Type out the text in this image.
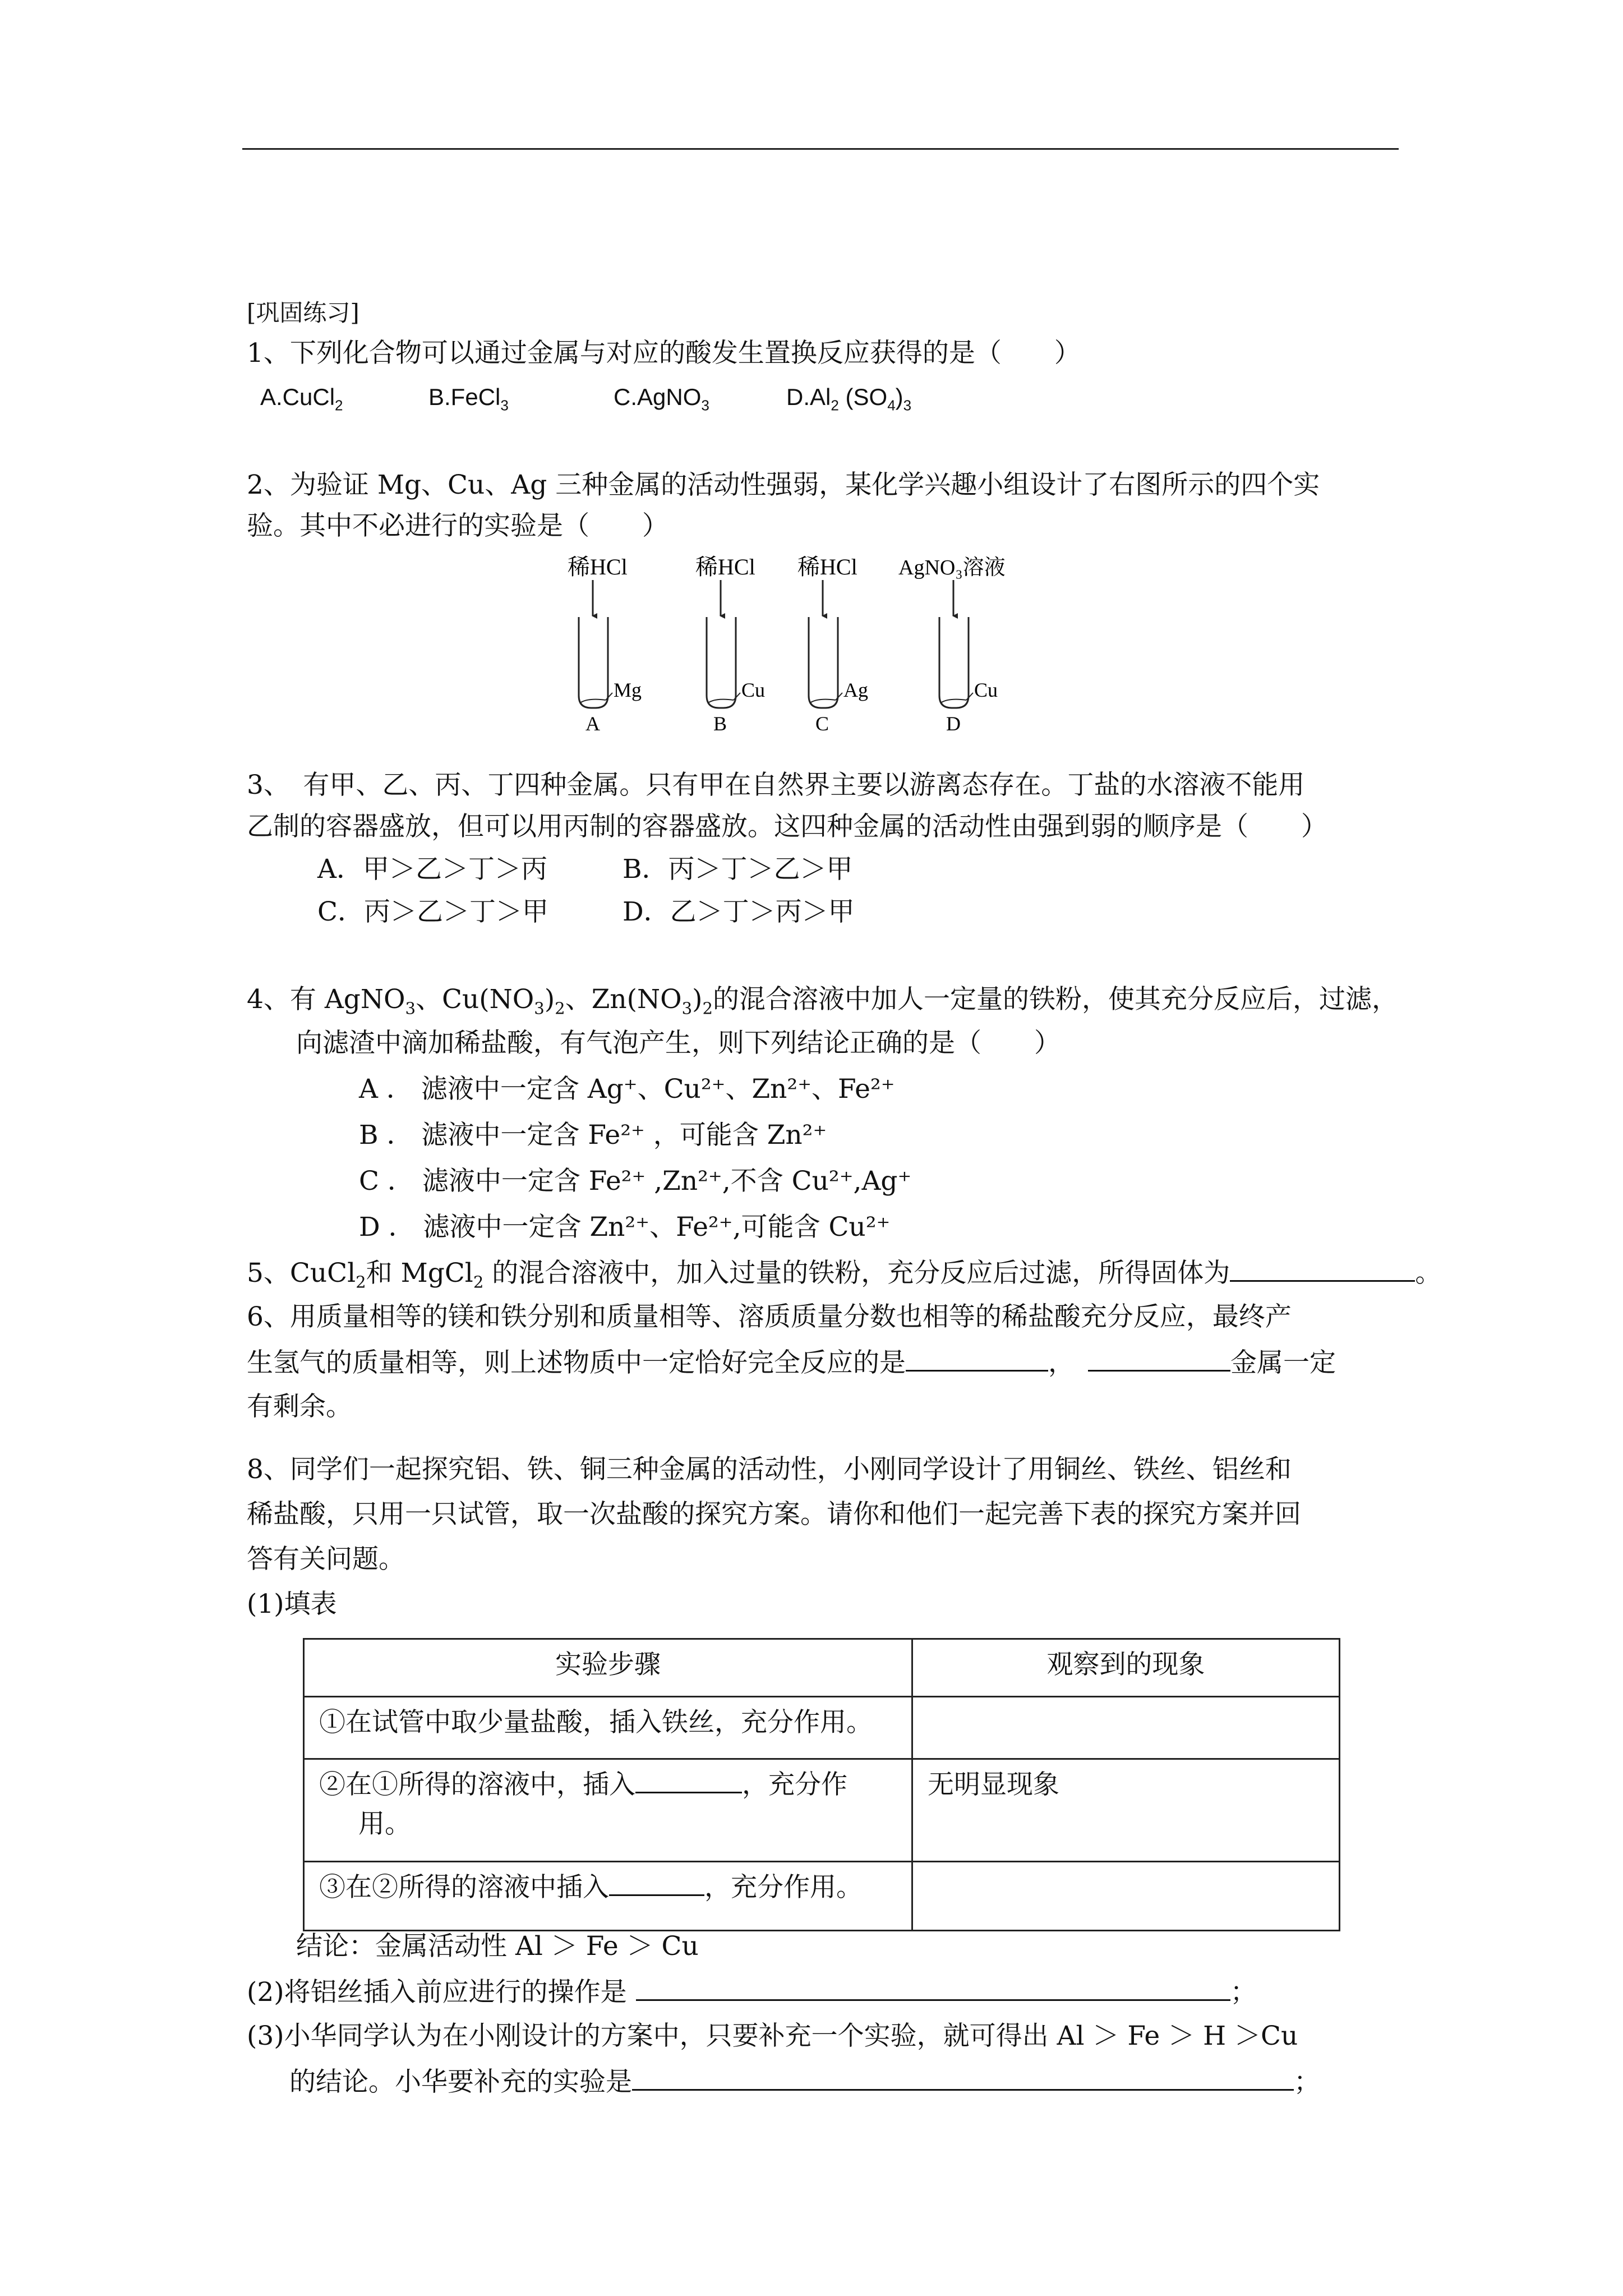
[巩固练习]
1、下列化合物可以通过金属与对应的酸发生置换反应获得的是（　　）
A.CuCl$_2$	B.FeCl$_3$	C.AgNO$_3$	$D.Al_2$ $(SO_4)_3$
2、为验证 Mg、Cu、Ag 三种金属的活动性强弱，某化学兴趣小组设计了右图所示的四个实
验。其中不必进行的实验是（　　）
稀HCl
Mg
A
稀HCl
Cu
B
稀HCl
Ag
C
AgNO₃溶液
Cu
D
3、　有甲、乙、丙、丁四种金属。只有甲在自然界主要以游离态存在。丁盐的水溶液不能用
乙制的容器盛放，但可以用丙制的容器盛放。这四种金属的活动性由强到弱的顺序是（　　）
A．甲＞乙＞丁＞丙	B．丙＞丁＞乙＞甲
C．丙＞乙＞丁＞甲	D．乙＞丁＞丙＞甲
4、有 AgNO$_3$、$Cu(NO_3)_2$、$Zn(NO_3)_2$的混合溶液中加人一定量的铁粉，使其充分反应后，过滤，
向滤渣中滴加稀盐酸，有气泡产生，则下列结论正确的是（　　）
A ． 滤液中一定含 Ag⁺、Cu²⁺、Zn²⁺、Fe²⁺
B ． 滤液中一定含 Fe²⁺ ，可能含 Zn²⁺
C ． 滤液中一定含 Fe²⁺ ,Zn²⁺,不含 Cu²⁺,Ag⁺
D ． 滤液中一定含 Zn²⁺、Fe²⁺,可能含 Cu²⁺
5、CuCl$_2$和 MgCl$_2$ 的混合溶液中，加入过量的铁粉，充分反应后过滤，所得固体为	。
6、用质量相等的镁和铁分别和质量相等、溶质质量分数也相等的稀盐酸充分反应，最终产
生氢气的质量相等，则上述物质中一定恰好完全反应的是	，	金属一定
有剩余。
8、同学们一起探究铝、铁、铜三种金属的活动性，小刚同学设计了用铜丝、铁丝、铝丝和
稀盐酸，只用一只试管，取一次盐酸的探究方案。请你和他们一起完善下表的探究方案并回
答有关问题。
(1)填表
实验步骤	观察到的现象
①在试管中取少量盐酸，插入铁丝，充分作用。	
②在①所得的溶液中，插入 ，充分作
用。	无明显现象
③在②所得的溶液中插入 ，充分作用。	
结论：金属活动性 Al ＞ Fe ＞ Cu
(2)将铝丝插入前应进行的操作是	；
(3)小华同学认为在小刚设计的方案中，只要补充一个实验，就可得出 Al ＞ Fe ＞ H ＞Cu
的结论。小华要补充的实验是	；
